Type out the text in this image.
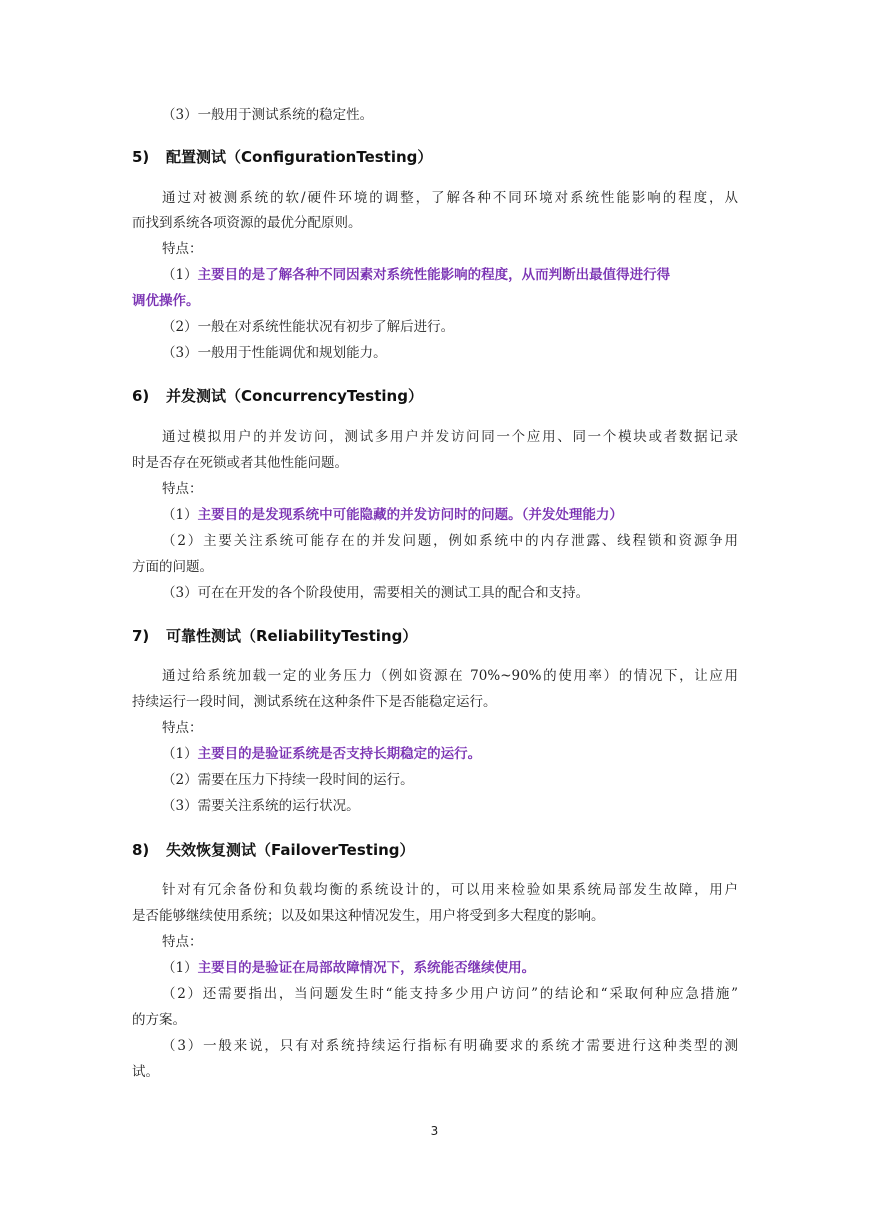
（3）一般用于测试系统的稳定性。
5) 配置测试（ConfigurationTesting）
通过对被测系统的软/硬件环境的调整，了解各种不同环境对系统性能影响的程度，从
而找到系统各项资源的最优分配原则。
特点：
（1）主要目的是了解各种不同因素对系统性能影响的程度，从而判断出最值得进行得
调优操作。
（2）一般在对系统性能状况有初步了解后进行。
（3）一般用于性能调优和规划能力。
6) 并发测试（ConcurrencyTesting）
通过模拟用户的并发访问，测试多用户并发访问同一个应用、同一个模块或者数据记录
时是否存在死锁或者其他性能问题。
特点：
（1）主要目的是发现系统中可能隐藏的并发访问时的问题。（并发处理能力）
（2）主要关注系统可能存在的并发问题，例如系统中的内存泄露、线程锁和资源争用
方面的问题。
（3）可在在开发的各个阶段使用，需要相关的测试工具的配合和支持。
7) 可靠性测试（ReliabilityTesting）
通过给系统加载一定的业务压力（例如资源在 70%~90%的使用率）的情况下，让应用
持续运行一段时间，测试系统在这种条件下是否能稳定运行。
特点：
（1）主要目的是验证系统是否支持长期稳定的运行。
（2）需要在压力下持续一段时间的运行。
（3）需要关注系统的运行状况。
8) 失效恢复测试（FailoverTesting）
针对有冗余备份和负载均衡的系统设计的，可以用来检验如果系统局部发生故障，用户
是否能够继续使用系统；以及如果这种情况发生，用户将受到多大程度的影响。
特点：
（1）主要目的是验证在局部故障情况下，系统能否继续使用。
（2）还需要指出，当问题发生时“能支持多少用户访问”的结论和“采取何种应急措施”
的方案。
（3）一般来说，只有对系统持续运行指标有明确要求的系统才需要进行这种类型的测
试。
3
